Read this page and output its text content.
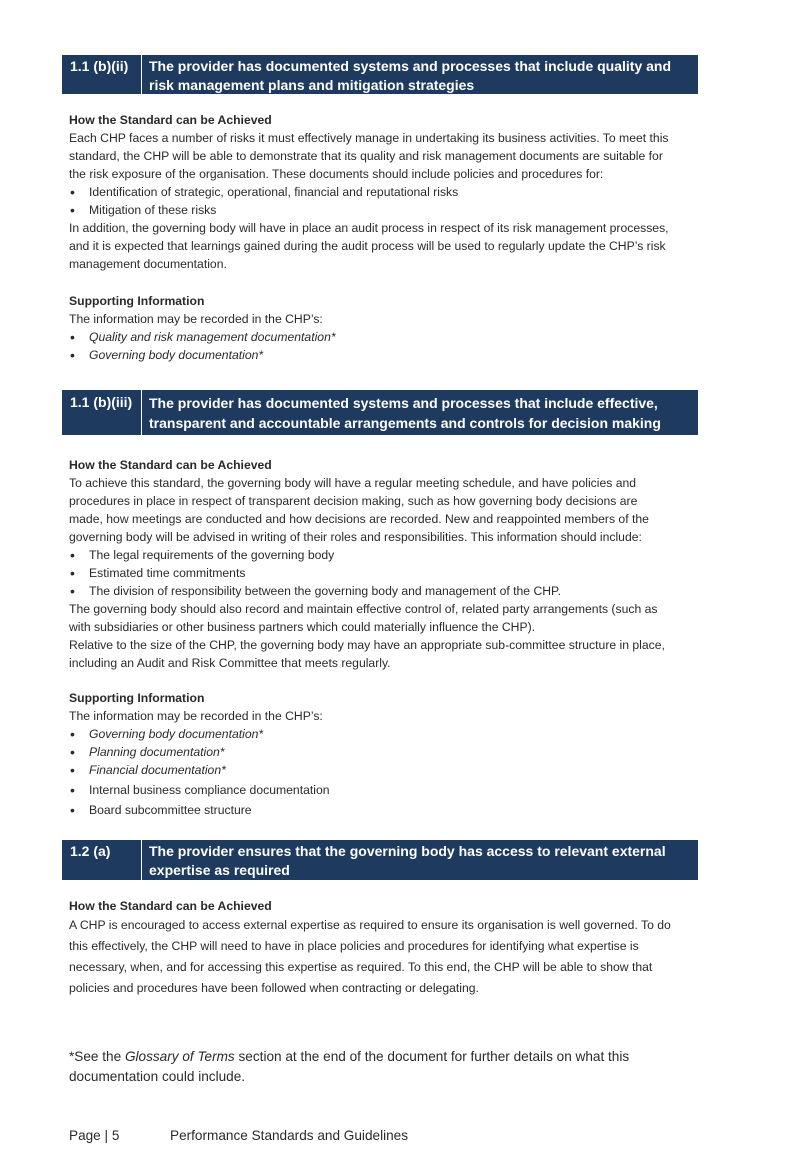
1.1 (b)(ii)	The provider has documented systems and processes that include quality and
risk management plans and mitigation strategies

How the Standard can be Achieved

Each CHP faces a number of risks it must effectively manage in undertaking its business activities. To meet this

standard, the CHP will be able to demonstrate that its quality and risk management documents are suitable for

the risk exposure of the organisation. These documents should include policies and procedures for:

• Identification of strategic, operational, financial and reputational risks
• Mitigation of these risks

In addition, the governing body will have in place an audit process in respect of its risk management processes,

and it is expected that learnings gained during the audit process will be used to regularly update the CHP’s risk

management documentation.

Supporting Information

The information may be recorded in the CHP’s:

• Quality and risk management documentation*
• Governing body documentation*
1.1 (b)(iii)	The provider has documented systems and processes that include effective,
transparent and accountable arrangements and controls for decision making

How the Standard can be Achieved

To achieve this standard, the governing body will have a regular meeting schedule, and have policies and

procedures in place in respect of transparent decision making, such as how governing body decisions are

made, how meetings are conducted and how decisions are recorded. New and reappointed members of the

governing body will be advised in writing of their roles and responsibilities. This information should include:

• The legal requirements of the governing body
• Estimated time commitments
• The division of responsibility between the governing body and management of the CHP.

The governing body should also record and maintain effective control of, related party arrangements (such as

with subsidiaries or other business partners which could materially influence the CHP).

Relative to the size of the CHP, the governing body may have an appropriate sub-committee structure in place,

including an Audit and Risk Committee that meets regularly.

Supporting Information

The information may be recorded in the CHP’s:

• Governing body documentation*
• Planning documentation*
• Financial documentation*
• Internal business compliance documentation
• Board subcommittee structure
1.2 (a)	The provider ensures that the governing body has access to relevant external
expertise as required

How the Standard can be Achieved

A CHP is encouraged to access external expertise as required to ensure its organisation is well governed. To do

this effectively, the CHP will need to have in place policies and procedures for identifying what expertise is

necessary, when, and for accessing this expertise as required. To this end, the CHP will be able to show that

policies and procedures have been followed when contracting or delegating.

*See the Glossary of Terms section at the end of the document for further details on what this
documentation could include.
Page | 5	Performance Standards and Guidelines
